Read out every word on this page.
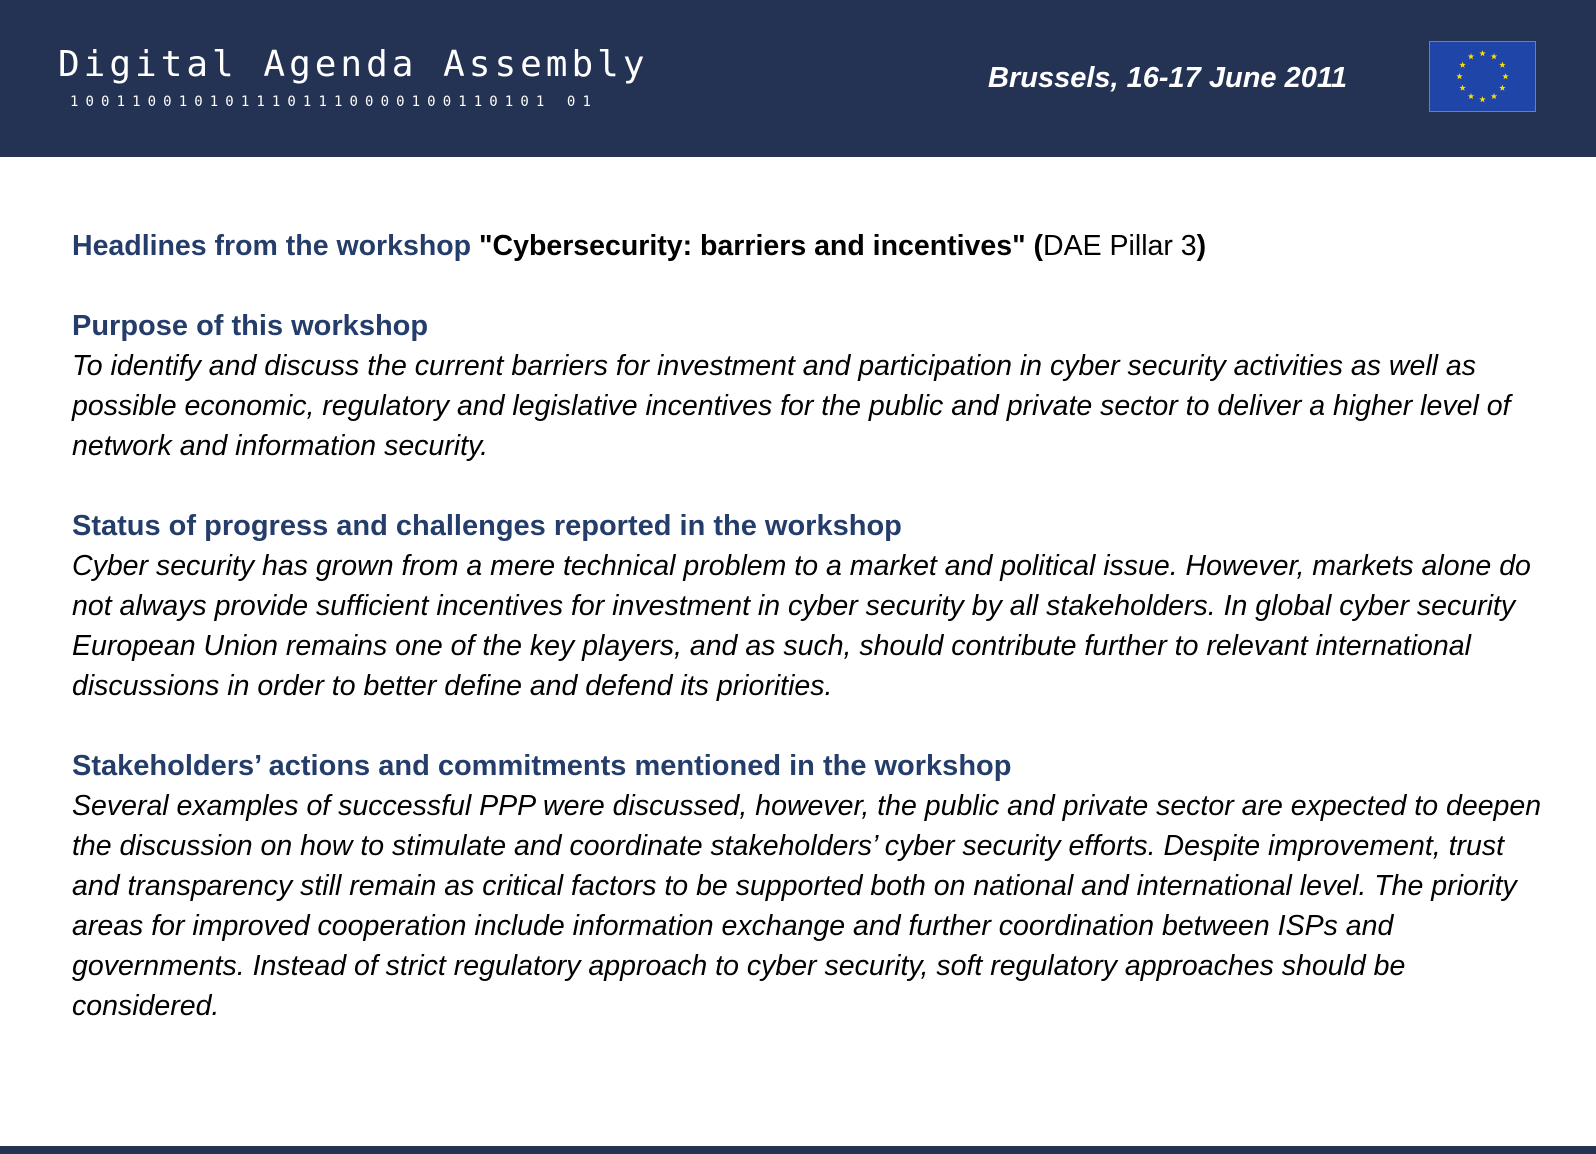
Digital Agenda Assembly
1001100101011101110000100110101 01
Brussels, 16-17 June 2011

Headlines from the workshop "Cybersecurity: barriers and incentives" (DAE Pillar 3)

Purpose of this workshop

To identify and discuss the current barriers for investment and participation in cyber security activities as well as possible economic, regulatory and legislative incentives for the public and private sector to deliver a higher level of network and information security.

Status of progress and challenges reported in the workshop

Cyber security has grown from a mere technical problem to a market and political issue. However, markets alone do not always provide sufficient incentives for investment in cyber security by all stakeholders. In global cyber security European Union remains one of the key players, and as such, should contribute further to relevant international discussions in order to better define and defend its priorities.

Stakeholders’ actions and commitments mentioned in the workshop

Several examples of successful PPP were discussed, however, the public and private sector are expected to deepen the discussion on how to stimulate and coordinate stakeholders’ cyber security efforts. Despite improvement, trust and transparency still remain as critical factors to be supported both on national and international level. The priority areas for improved cooperation include information exchange and further coordination between ISPs and governments. Instead of strict regulatory approach to cyber security, soft regulatory approaches should be considered.
